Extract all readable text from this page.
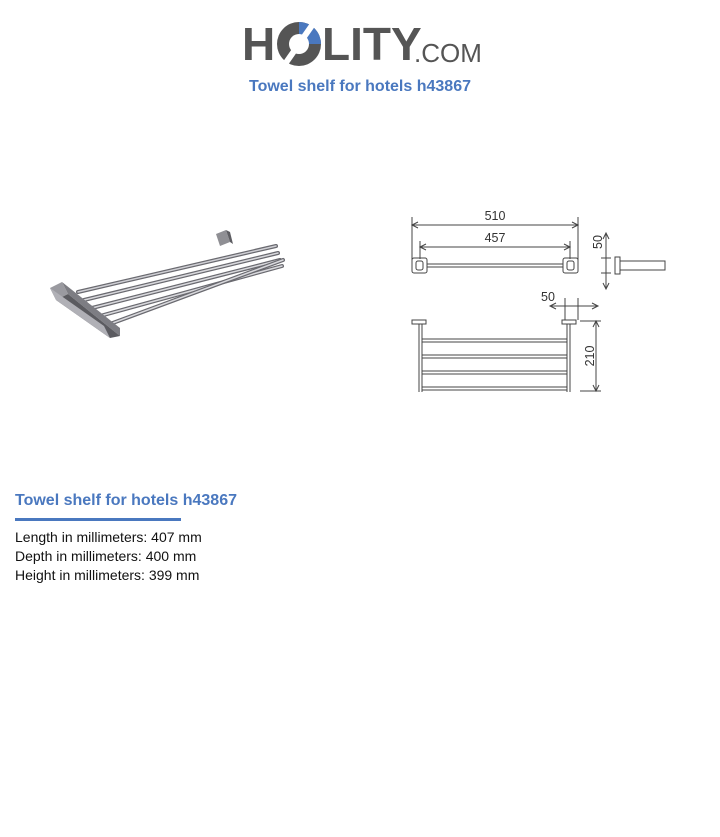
H LITY
.COM
Towel shelf for hotels h43867
510
457	50
50
210
Towel shelf for hotels h43867
Length in millimeters: 407 mm
Depth in millimeters: 400 mm
Height in millimeters: 399 mm
